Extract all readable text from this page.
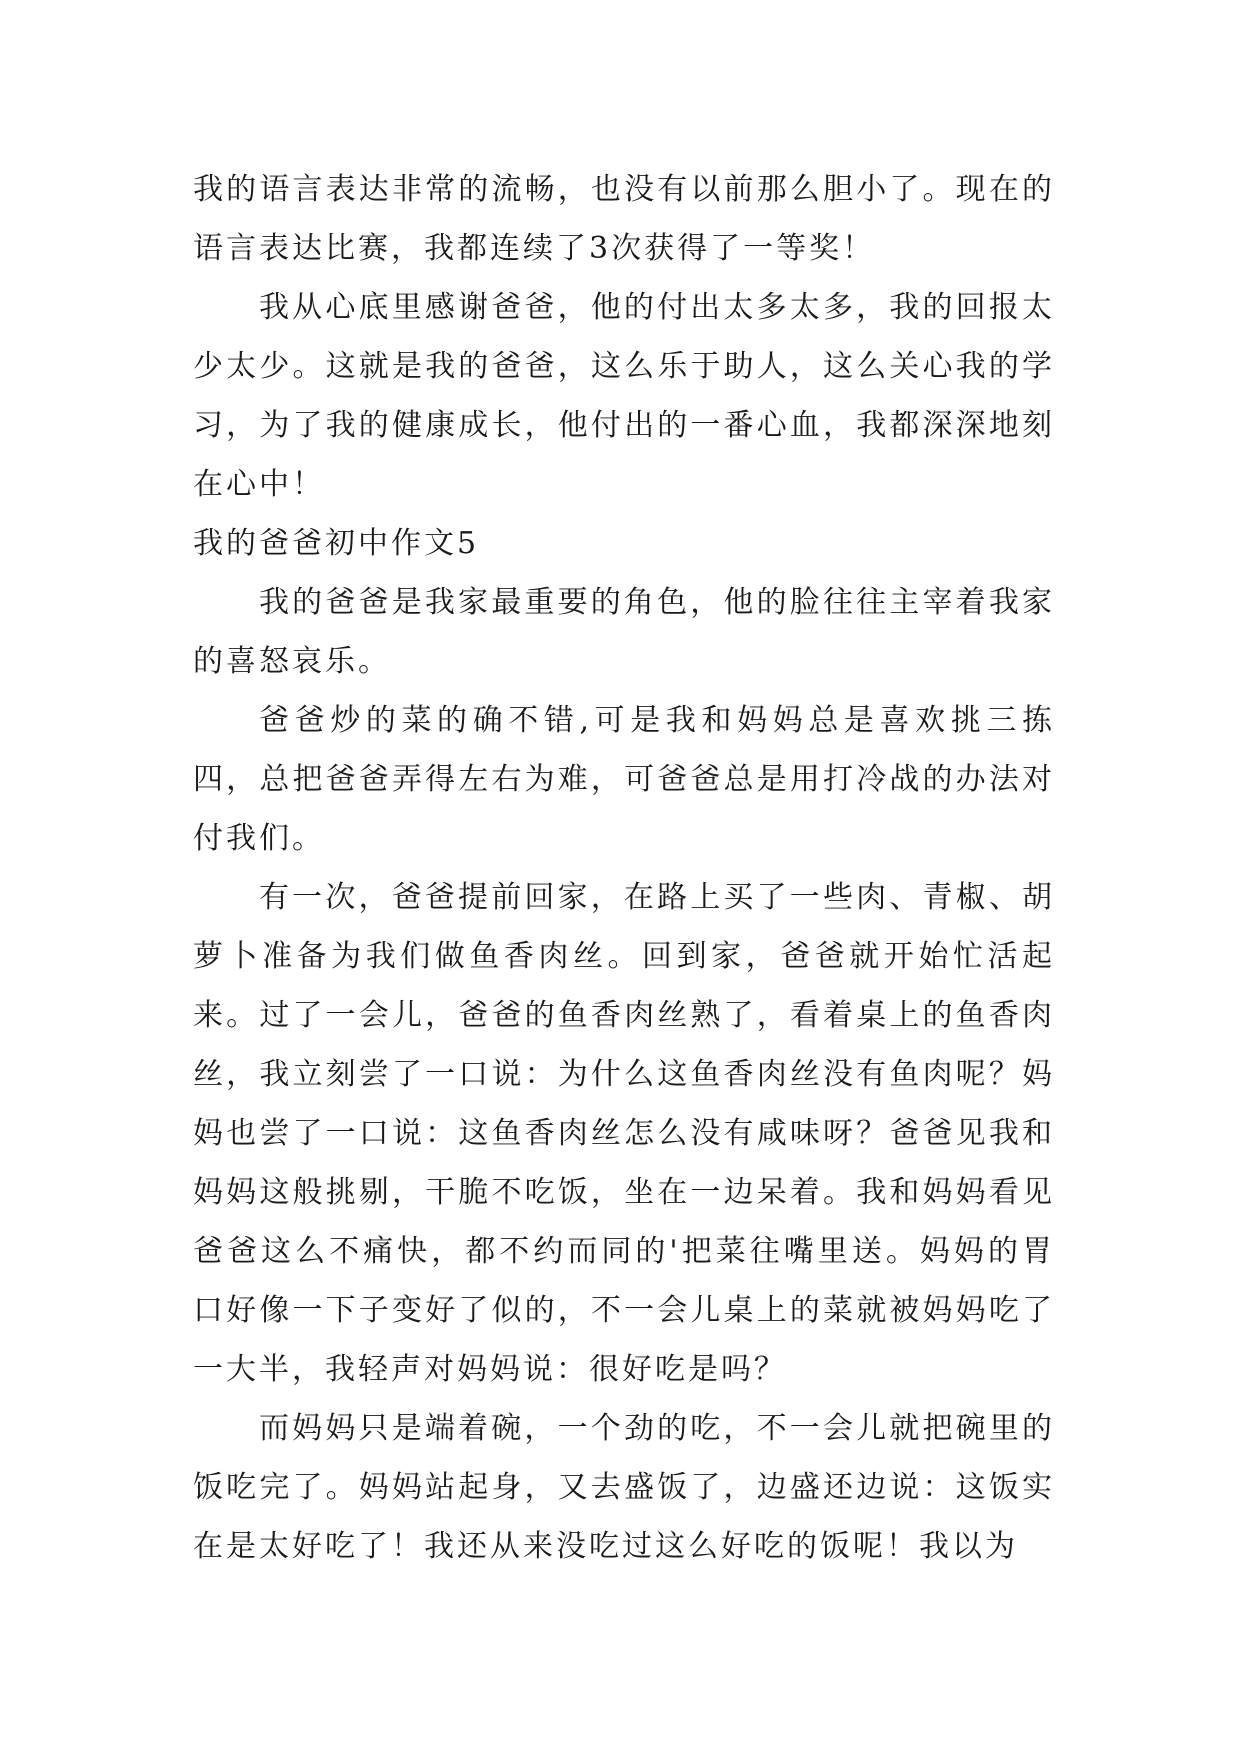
我的语言表达非常的流畅，也没有以前那么胆小了。现在的语言表达比赛，我都连续了3次获得了一等奖！

我从心底里感谢爸爸，他的付出太多太多，我的回报太少太少。这就是我的爸爸，这么乐于助人，这么关心我的学习，为了我的健康成长，他付出的一番心血，我都深深地刻在心中！

我的爸爸初中作文5

我的爸爸是我家最重要的角色，他的脸往往主宰着我家的喜怒哀乐。

爸爸炒的菜的确不错,可是我和妈妈总是喜欢挑三拣四，总把爸爸弄得左右为难，可爸爸总是用打冷战的办法对付我们。

有一次，爸爸提前回家，在路上买了一些肉、青椒、胡萝卜准备为我们做鱼香肉丝。回到家，爸爸就开始忙活起来。过了一会儿，爸爸的鱼香肉丝熟了，看着桌上的鱼香肉丝，我立刻尝了一口说：为什么这鱼香肉丝没有鱼肉呢？妈妈也尝了一口说：这鱼香肉丝怎么没有咸味呀？爸爸见我和妈妈这般挑剔，干脆不吃饭，坐在一边呆着。我和妈妈看见爸爸这么不痛快，都不约而同的'把菜往嘴里送。妈妈的胃口好像一下子变好了似的，不一会儿桌上的菜就被妈妈吃了一大半，我轻声对妈妈说：很好吃是吗？

而妈妈只是端着碗，一个劲的吃，不一会儿就把碗里的饭吃完了。妈妈站起身，又去盛饭了，边盛还边说：这饭实在是太好吃了！我还从来没吃过这么好吃的饭呢！我以为
